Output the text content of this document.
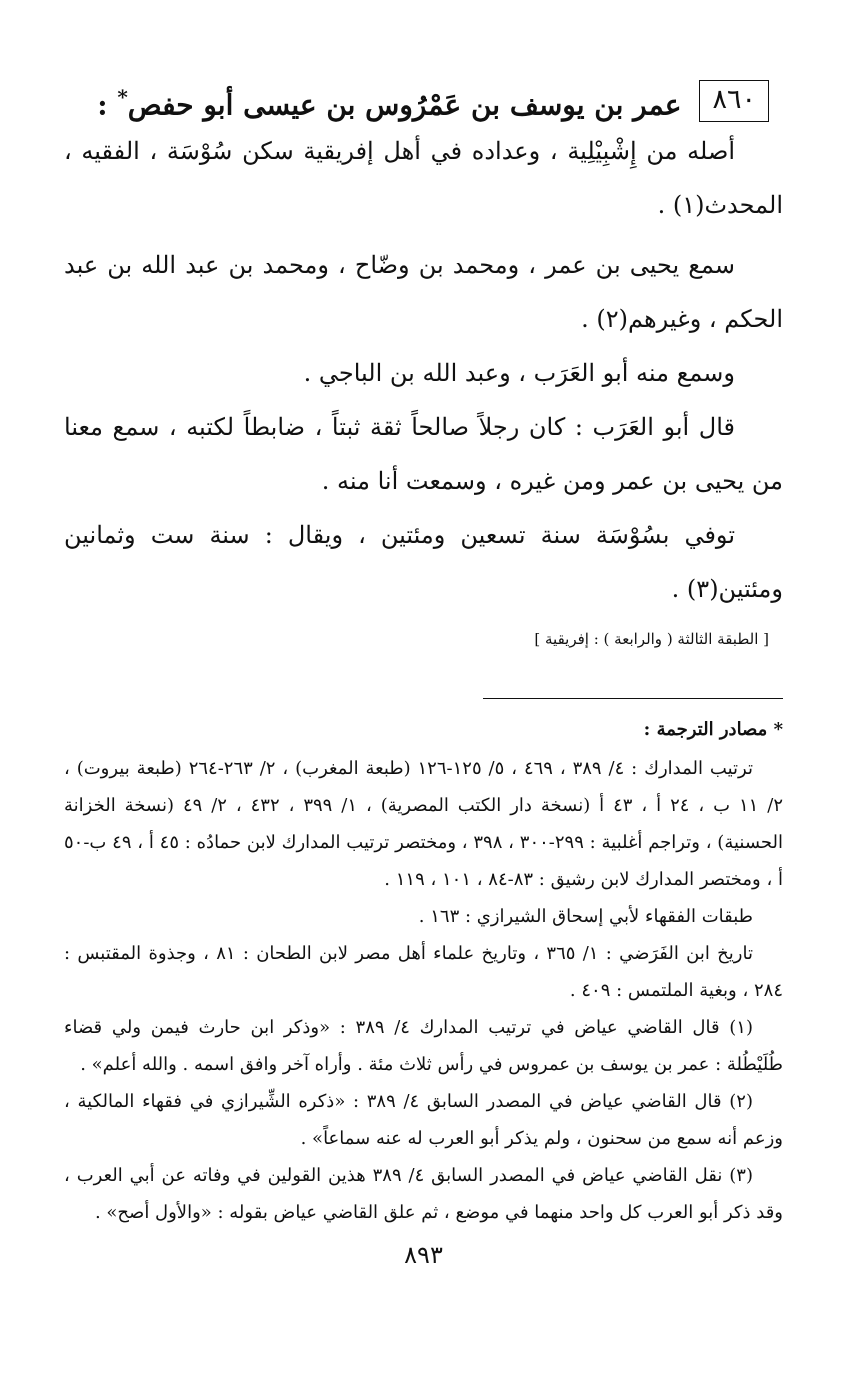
٨٦٠
عمر بن يوسف بن عَمْرُوس بن عيسى أبو حفص* :

أصله من إِشْبِيْلِية ، وعداده في أهل إفريقية سكن سُوْسَة ، الفقيه ، المحدث(١) .

سمع يحيى بن عمر ، ومحمد بن وضّاح ، ومحمد بن عبد الله بن عبد الحكم ، وغيرهم(٢) .

وسمع منه أبو العَرَب ، وعبد الله بن الباجي .

قال أبو العَرَب : كان رجلاً صالحاً ثقة ثبتاً ، ضابطاً لكتبه ، سمع معنا من يحيى بن عمر ومن غيره ، وسمعت أنا منه .

توفي بسُوْسَة سنة تسعين ومئتين ، ويقال : سنة ست وثمانين ومئتين(٣) .

[ الطبقة الثالثة ( والرابعة ) : إفريقية ]

* مصادر الترجمة :

ترتيب المدارك : ٤/ ٣٨٩ ، ٤٦٩ ، ٥/ ١٢٥-١٢٦ (طبعة المغرب) ، ٢/ ٢٦٣-٢٦٤ (طبعة بيروت) ، ٢/ ١١ ب ، ٢٤ أ ، ٤٣ أ (نسخة دار الكتب المصرية) ، ١/ ٣٩٩ ، ٤٣٢ ، ٢/ ٤٩ (نسخة الخزانة الحسنية) ، وتراجم أغلبية : ٢٩٩-٣٠٠ ، ٣٩٨ ، ومختصر ترتيب المدارك لابن حمادُه : ٤٥ أ ، ٤٩ ب-٥٠ أ ، ومختصر المدارك لابن رشيق : ٨٣-٨٤ ، ١٠١ ، ١١٩ .

طبقات الفقهاء لأبي إسحاق الشيرازي : ١٦٣ .

تاريخ ابن الفَرَضي : ١/ ٣٦٥ ، وتاريخ علماء أهل مصر لابن الطحان : ٨١ ، وجذوة المقتبس : ٢٨٤ ، وبغية الملتمس : ٤٠٩ .

(١) قال القاضي عياض في ترتيب المدارك ٤/ ٣٨٩ : «وذكر ابن حارث فيمن ولي قضاء طُلَيْطُلة : عمر بن يوسف بن عمروس في رأس ثلاث مئة . وأراه آخر وافق اسمه . والله أعلم» .

(٢) قال القاضي عياض في المصدر السابق ٤/ ٣٨٩ : «ذكره الشِّيرازي في فقهاء المالكية ، وزعم أنه سمع من سحنون ، ولم يذكر أبو العرب له عنه سماعاً» .

(٣) نقل القاضي عياض في المصدر السابق ٤/ ٣٨٩ هذين القولين في وفاته عن أبي العرب ، وقد ذكر أبو العرب كل واحد منهما في موضع ، ثم علق القاضي عياض بقوله : «والأول أصح» .

٨٩٣
